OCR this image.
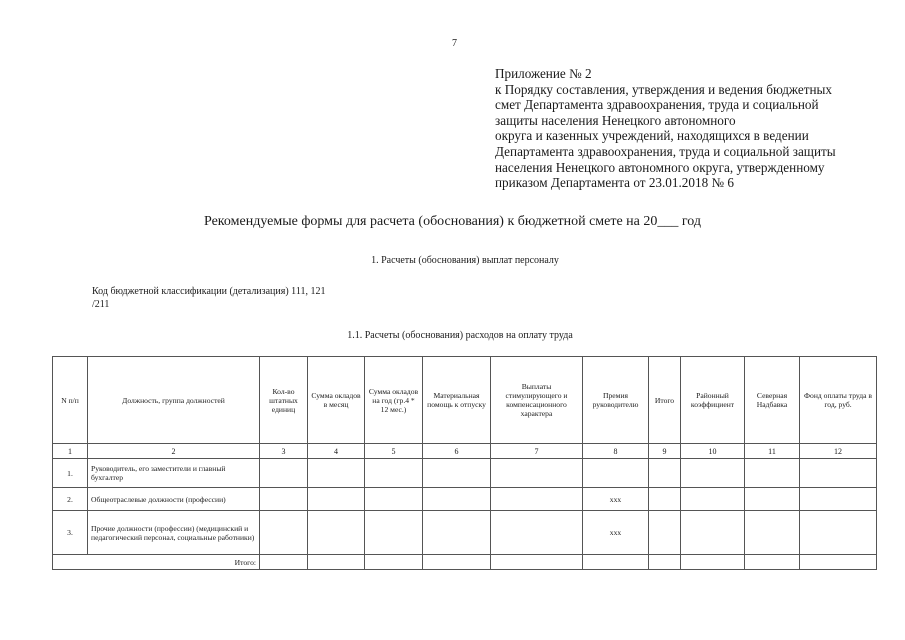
7
Приложение № 2
к Порядку составления, утверждения и ведения бюджетных
смет Департамента здравоохранения, труда и социальной
защиты населения Ненецкого автономного
округа и казенных учреждений, находящихся в ведении
Департамента здравоохранения, труда и социальной защиты
населения Ненецкого автономного округа, утвержденному
приказом Департамента от 23.01.2018 № 6
Рекомендуемые формы для расчета (обоснования) к бюджетной смете на 20___ год
1. Расчеты (обоснования) выплат персоналу
Код бюджетной классификации (детализация) 111, 121
/211
1.1. Расчеты (обоснования) расходов на оплату труда
N п/п	Должность, группа должностей	Кол-во штатных единиц	Сумма окладов в месяц	Сумма окладов на год (гр.4 * 12 мес.)	Материальная помощь к отпуску	Выплаты стимулирующего и компенсационного характера	Премия руководителю	Итого	Районный коэффициент	Северная Надбавка	Фонд оплаты труда в год, руб.
1	2	3	4	5	6	7	8	9	10	11	12
1.	Руководитель, его заместители и главный бухгалтер										
2.	Общеотраслевые должности (профессии)						xxx				
3.	Прочие должности (профессии) (медицинский и педагогический персонал, социальные работники)						xxx				
Итого:											
